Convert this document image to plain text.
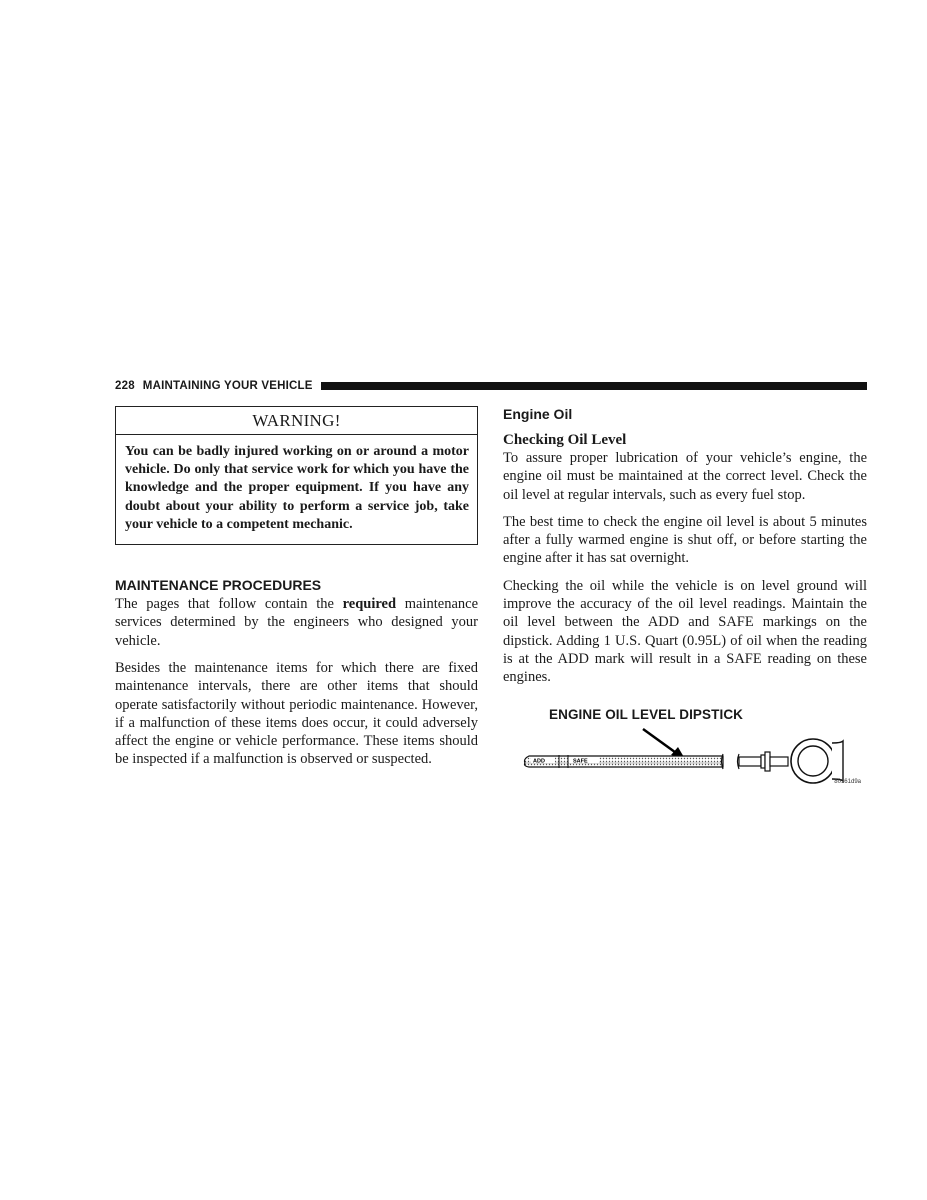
228 MAINTAINING YOUR VEHICLE
WARNING!
You can be badly injured working on or around a motor vehicle. Do only that service work for which you have the knowledge and the proper equipment. If you have any doubt about your ability to perform a service job, take your vehicle to a competent mechanic.
MAINTENANCE PROCEDURES

The pages that follow contain the required maintenance services determined by the engineers who designed your vehicle.

Besides the maintenance items for which there are fixed maintenance intervals, there are other items that should operate satisfactorily without periodic maintenance. However, if a malfunction of these items does occur, it could adversely affect the engine or vehicle performance. These items should be inspected if a malfunction is observed or suspected.

Engine Oil
Checking Oil Level

To assure proper lubrication of your vehicle’s engine, the engine oil must be maintained at the correct level. Check the oil level at regular intervals, such as every fuel stop.

The best time to check the engine oil level is about 5 minutes after a fully warmed engine is shut off, or before starting the engine after it has sat overnight.

Checking the oil while the vehicle is on level ground will improve the accuracy of the oil level readings. Maintain the oil level between the ADD and SAFE markings on the dipstick. Adding 1 U.S. Quart (0.95L) of oil when the reading is at the ADD mark will result in a SAFE reading on these engines.

ENGINE OIL LEVEL DIPSTICK
ADD	SAFE
80161d9a
